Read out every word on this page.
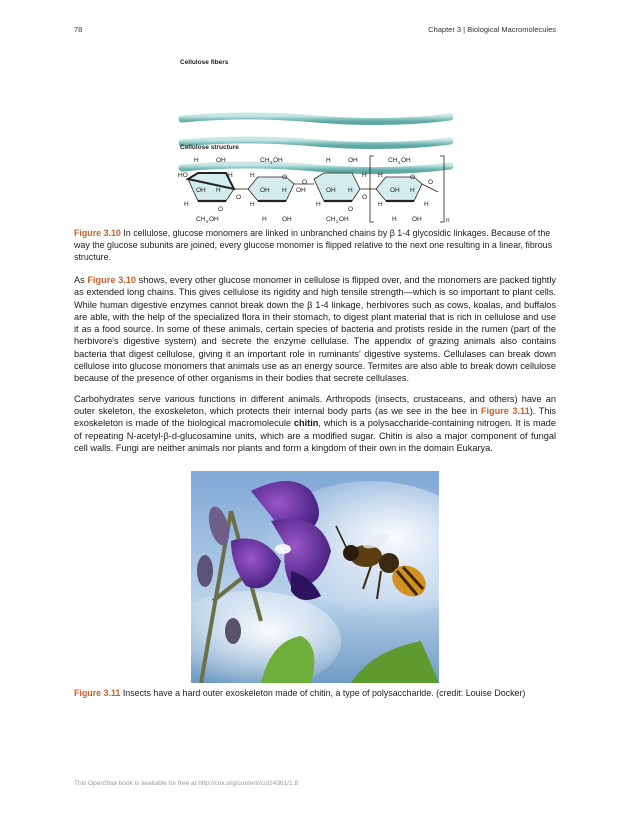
78	Chapter 3 | Biological Macromolecules
Cellulose fibers
Cellulose structure
H	OH
HO	H
OH H
H
O
CH 2 OH
O
CH 2 OH
H	O
OH H OH
H
H OH
O
H	OH
H
OH H
H
O
CH 2 OH
O
CH 2 OH
H	O
OH H
H	H
H OH
O
n
Figure 3.10 In cellulose, glucose monomers are linked in unbranched chains by β 1-4 glycosidic linkages. Because of the way the glucose subunits are joined, every glucose monomer is flipped relative to the next one resulting in a linear, fibrous structure.

As Figure 3.10 shows, every other glucose monomer in cellulose is flipped over, and the monomers are packed tightly as extended long chains. This gives cellulose its rigidity and high tensile strength—which is so important to plant cells. While human digestive enzymes cannot break down the β 1-4 linkage, herbivores such as cows, koalas, and buffalos are able, with the help of the specialized flora in their stomach, to digest plant material that is rich in cellulose and use it as a food source. In some of these animals, certain species of bacteria and protists reside in the rumen (part of the herbivore's digestive system) and secrete the enzyme cellulase. The appendix of grazing animals also contains bacteria that digest cellulose, giving it an important role in ruminants' digestive systems. Cellulases can break down cellulose into glucose monomers that animals use as an energy source. Termites are also able to break down cellulose because of the presence of other organisms in their bodies that secrete cellulases.

Carbohydrates serve various functions in different animals. Arthropods (insects, crustaceans, and others) have an outer skeleton, the exoskeleton, which protects their internal body parts (as we see in the bee in Figure 3.11). This exoskeleton is made of the biological macromolecule chitin, which is a polysaccharide-containing nitrogen. It is made of repeating N-acetyl-β-d-glucosamine units, which are a modified sugar. Chitin is also a major component of fungal cell walls. Fungi are neither animals nor plants and form a kingdom of their own in the domain Eukarya.

Figure 3.11 Insects have a hard outer exoskeleton made of chitin, a type of polysaccharide. (credit: Louise Docker)
This OpenStax book is available for free at http://cnx.org/content/col24361/1.8
